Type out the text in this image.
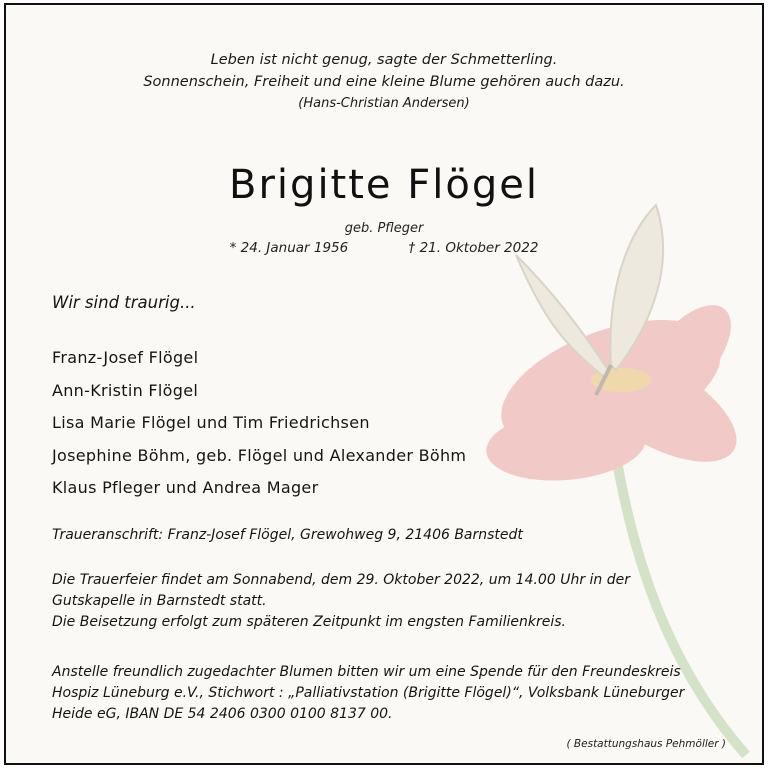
Leben ist nicht genug, sagte der Schmetterling.
Sonnenschein, Freiheit und eine kleine Blume gehören auch dazu.
(Hans-Christian Andersen)
Brigitte Flögel
geb. Pfleger
* 24. Januar 1956	† 21. Oktober 2022
Wir sind traurig...
Franz-Josef Flögel
Ann-Kristin Flögel
Lisa Marie Flögel und Tim Friedrichsen
Josephine Böhm, geb. Flögel und Alexander Böhm
Klaus Pfleger und Andrea Mager
Traueranschrift: Franz-Josef Flögel, Grewohweg 9, 21406 Barnstedt
Die Trauerfeier findet am Sonnabend, dem 29. Oktober 2022, um 14.00 Uhr in der
Gutskapelle in Barnstedt statt.
Die Beisetzung erfolgt zum späteren Zeitpunkt im engsten Familienkreis.
Anstelle freundlich zugedachter Blumen bitten wir um eine Spende für den Freundeskreis
Hospiz Lüneburg e.V., Stichwort : „Palliativstation (Brigitte Flögel)“, Volksbank Lüneburger
Heide eG, IBAN DE 54 2406 0300 0100 8137 00.
( Bestattungshaus Pehmöller )
